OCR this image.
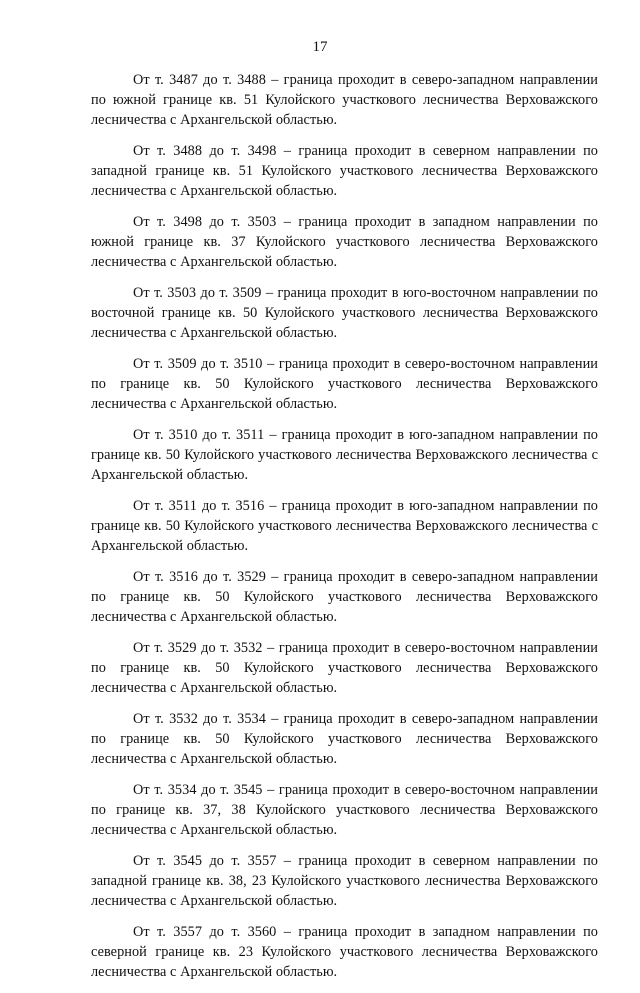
17

От т. 3487 до т. 3488 – граница проходит в северо-западном направлении по южной границе кв. 51 Кулойского участкового лесничества Верховажского лесничества с Архангельской областью.

От т. 3488 до т. 3498 – граница проходит в северном направлении по западной границе кв. 51 Кулойского участкового лесничества Верховажского лесничества с Архангельской областью.

От т. 3498 до т. 3503 – граница проходит в западном направлении по южной границе кв. 37 Кулойского участкового лесничества Верховажского лесничества с Архангельской областью.

От т. 3503 до т. 3509 – граница проходит в юго-восточном направлении по восточной границе кв. 50 Кулойского участкового лесничества Верховажского лесничества с Архангельской областью.

От т. 3509 до т. 3510 – граница проходит в северо-восточном направлении по границе кв. 50 Кулойского участкового лесничества Верховажского лесничества с Архангельской областью.

От т. 3510 до т. 3511 – граница проходит в юго-западном направлении по границе кв. 50 Кулойского участкового лесничества Верховажского лесничества с Архангельской областью.

От т. 3511 до т. 3516 – граница проходит в юго-западном направлении по границе кв. 50 Кулойского участкового лесничества Верховажского лесничества с Архангельской областью.

От т. 3516 до т. 3529 – граница проходит в северо-западном направлении по границе кв. 50 Кулойского участкового лесничества Верховажского лесничества с Архангельской областью.

От т. 3529 до т. 3532 – граница проходит в северо-восточном направлении по границе кв. 50 Кулойского участкового лесничества Верховажского лесничества с Архангельской областью.

От т. 3532 до т. 3534 – граница проходит в северо-западном направлении по границе кв. 50 Кулойского участкового лесничества Верховажского лесничества с Архангельской областью.

От т. 3534 до т. 3545 – граница проходит в северо-восточном направлении по границе кв. 37, 38 Кулойского участкового лесничества Верховажского лесничества с Архангельской областью.

От т. 3545 до т. 3557 – граница проходит в северном направлении по западной границе кв. 38, 23 Кулойского участкового лесничества Верховажского лесничества с Архангельской областью.

От т. 3557 до т. 3560 – граница проходит в западном направлении по северной границе кв. 23 Кулойского участкового лесничества Верховажского лесничества с Архангельской областью.
